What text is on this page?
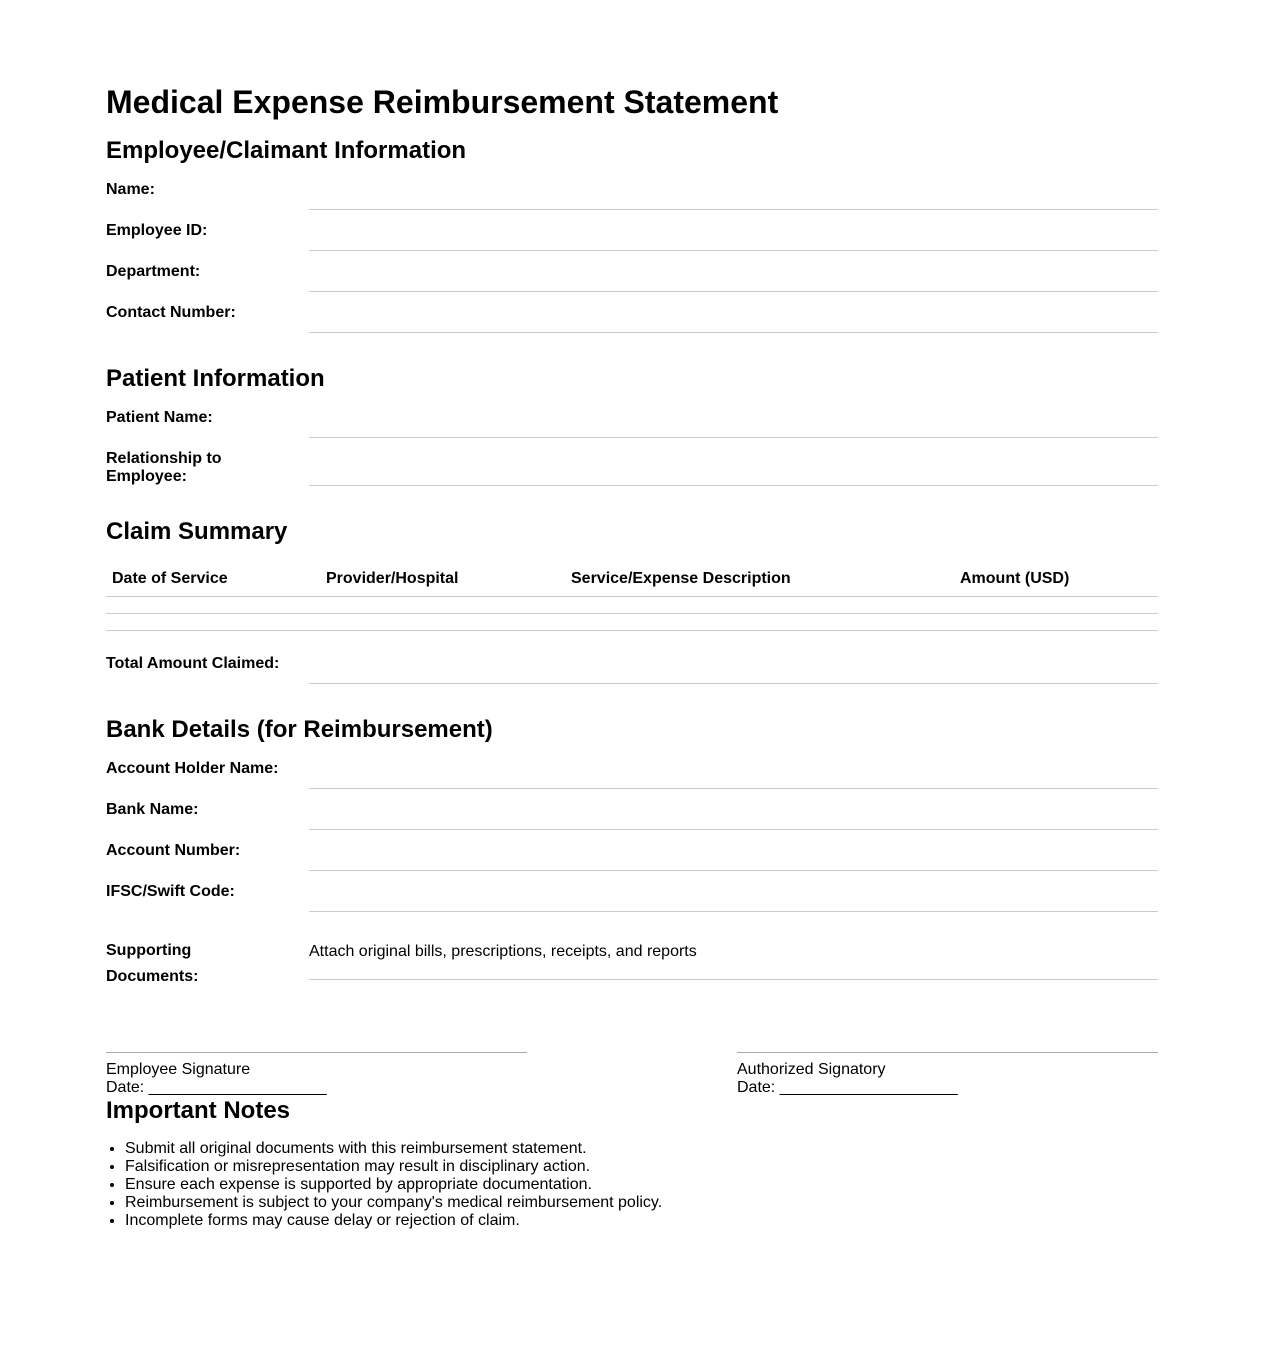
Medical Expense Reimbursement Statement
Employee/Claimant Information
Name:
Employee ID:
Department:
Contact Number:
Patient Information
Patient Name:
Relationship to Employee:
Claim Summary
Date of Service	Provider/Hospital	Service/Expense Description	Amount (USD)
Total Amount Claimed:
Bank Details (for Reimbursement)
Account Holder Name:
Bank Name:
Account Number:
IFSC/Swift Code:
Supporting Documents:
Attach original bills, prescriptions, receipts, and reports
Employee Signature
Date: ____________________
Authorized Signatory
Date: ____________________
Important Notes
• Submit all original documents with this reimbursement statement.
• Falsification or misrepresentation may result in disciplinary action.
• Ensure each expense is supported by appropriate documentation.
• Reimbursement is subject to your company's medical reimbursement policy.
• Incomplete forms may cause delay or rejection of claim.
